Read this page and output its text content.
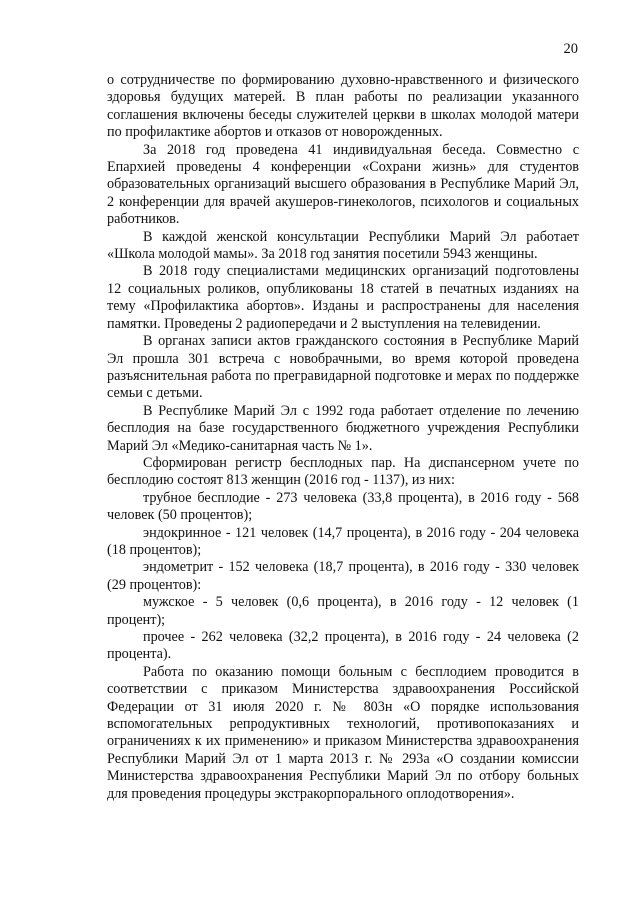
20

о сотрудничестве по формированию духовно-нравственного и физического здоровья будущих матерей. В план работы по реализации указанного соглашения включены беседы служителей церкви в школах молодой матери по профилактике абортов и отказов от новорожденных.

За 2018 год проведена 41 индивидуальная беседа. Совместно с Епархией проведены 4 конференции «Сохрани жизнь» для студентов образовательных организаций высшего образования в Республике Марий Эл, 2 конференции для врачей акушеров-гинекологов, психологов и социальных работников.

В каждой женской консультации Республики Марий Эл работает «Школа молодой мамы». За 2018 год занятия посетили 5943 женщины.

В 2018 году специалистами медицинских организаций подготовлены 12 социальных роликов, опубликованы 18 статей в печатных изданиях на тему «Профилактика абортов». Изданы и распространены для населения памятки. Проведены 2 радиопередачи и 2 выступления на телевидении.

В органах записи актов гражданского состояния в Республике Марий Эл прошла 301 встреча с новобрачными, во время которой проведена разъяснительная работа по прегравидарной подготовке и мерах по поддержке семьи с детьми.

В Республике Марий Эл с 1992 года работает отделение по лечению бесплодия на базе государственного бюджетного учреждения Республики Марий Эл «Медико-санитарная часть № 1».

Сформирован регистр бесплодных пар. На диспансерном учете по бесплодию состоят 813 женщин (2016 год - 1137), из них:

трубное бесплодие - 273 человека (33,8 процента), в 2016 году - 568 человек (50 процентов);

эндокринное - 121 человек (14,7 процента), в 2016 году - 204 человека (18 процентов);

эндометрит - 152 человека (18,7 процента), в 2016 году - 330 человек (29 процентов):

мужское - 5 человек (0,6 процента), в 2016 году - 12 человек (1 процент);

прочее - 262 человека (32,2 процента), в 2016 году - 24 человека (2 процента).

Работа по оказанию помощи больным с бесплодием проводится в соответствии с приказом Министерства здравоохранения Российской Федерации от 31 июля 2020 г. № 803н «О порядке использования вспомогательных репродуктивных технологий, противопоказаниях и ограничениях к их применению» и приказом Министерства здравоохранения Республики Марий Эл от 1 марта 2013 г. № 293а «О создании комиссии Министерства здравоохранения Республики Марий Эл по отбору больных для проведения процедуры экстракорпорального оплодотворения».
